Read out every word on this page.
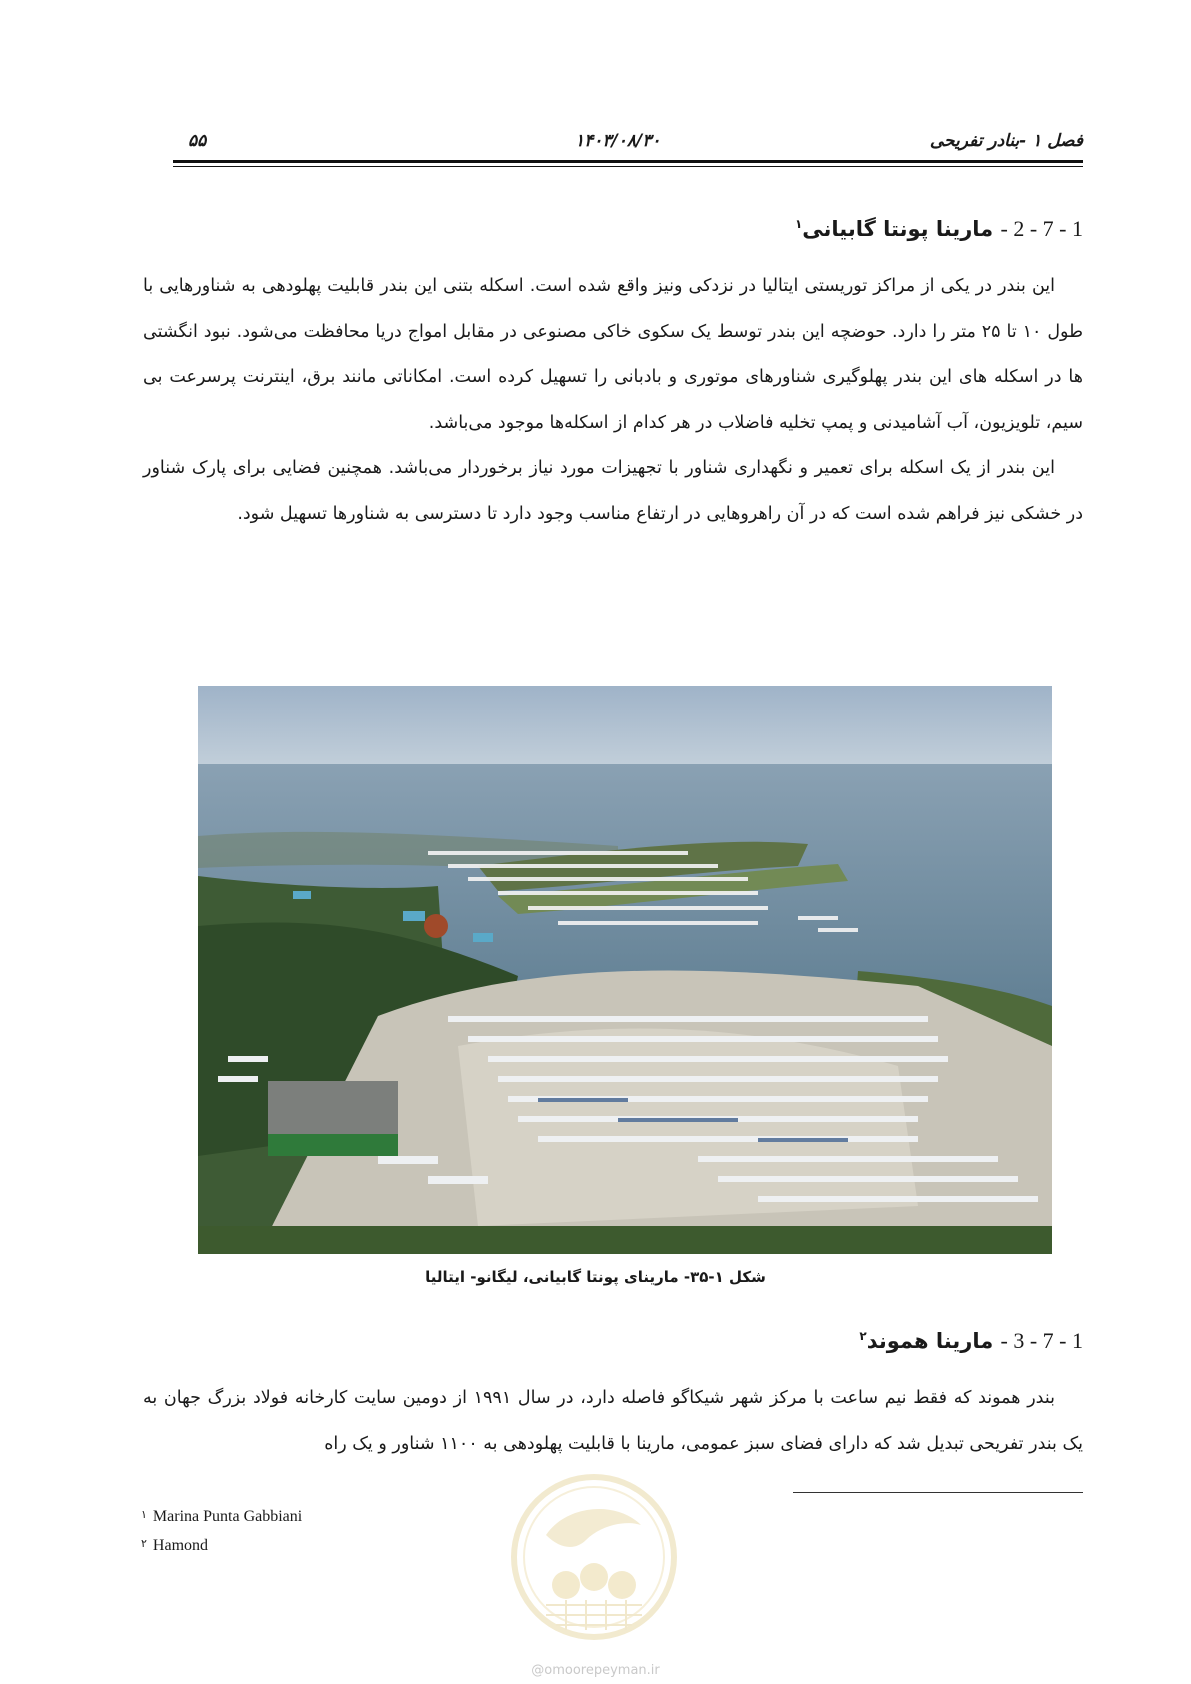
فصل ۱ -بنادر تفریحی
۱۴۰۳/۰۸/۳۰
۵۵
1 - 7 - 2 - مارینا پونتا گابیانی$^۱$

این بندر در یکی از مراکز توریستی ایتالیا در نزدکی ونیز واقع شده است. اسکله بتنی این بندر قابلیت پهلودهی به شناورهایی با طول ۱۰ تا ۲۵ متر را دارد. حوضچه این بندر توسط یک سکوی خاکی مصنوعی در مقابل امواج دریا محافظت می‌شود. نبود انگشتی ها در اسکله های این بندر پهلوگیری شناورهای موتوری و بادبانی را تسهیل کرده است. امکاناتی مانند برق، اینترنت پرسرعت بی سیم، تلویزیون، آب آشامیدنی و پمپ تخلیه فاضلاب در هر کدام از اسکله‌ها موجود می‌باشد.

این بندر از یک اسکله برای تعمیر و نگهداری شناور با تجهیزات مورد نیاز برخوردار می‌باشد. همچنین فضایی برای پارک شناور در خشکی نیز فراهم شده است که در آن راهروهایی در ارتفاع مناسب وجود دارد تا دسترسی به شناورها تسهیل شود.

شکل ۱-۳۵- مارینای پونتا گابیانی، لیگانو- ایتالیا
1 - 7 - 3 - مارینا هموند$^۲$

بندر هموند که فقط نیم ساعت با مرکز شهر شیکاگو فاصله دارد، در سال ۱۹۹۱ از دومین سایت کارخانه فولاد بزرگ جهان به یک بندر تفریحی تبدیل شد که دارای فضای سبز عمومی، مارینا با قابلیت پهلودهی به ۱۱۰۰ شناور و یک راه

$^۱$ Marina Punta Gabbiani
$^۲$ Hamond
@omoorepeyman.ir
